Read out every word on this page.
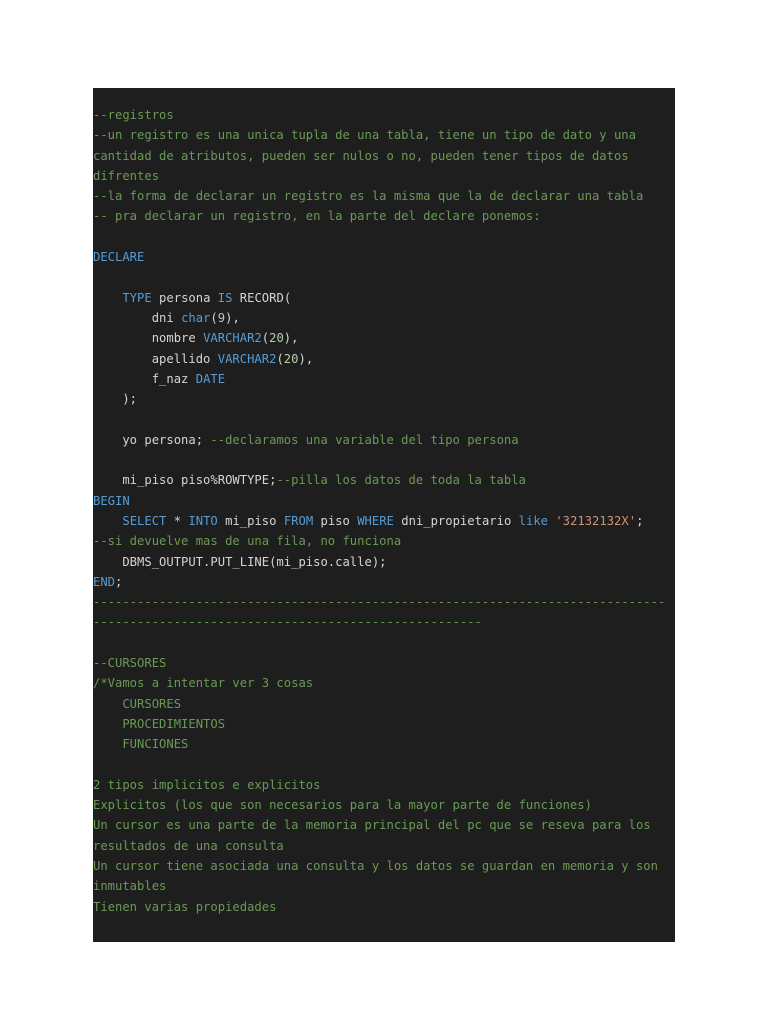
--registros
--un registro es una unica tupla de una tabla, tiene un tipo de dato y una
cantidad de atributos, pueden ser nulos o no, pueden tener tipos de datos
difrentes
--la forma de declarar un registro es la misma que la de declarar una tabla
-- pra declarar un registro, en la parte del declare ponemos:

DECLARE

TYPE persona IS RECORD(
dni char(9),
nombre VARCHAR2(20),
apellido VARCHAR2(20),
f_naz DATE
);

yo persona; --declaramos una variable del tipo persona

mi_piso piso%ROWTYPE;--pilla los datos de toda la tabla
BEGIN
SELECT * INTO mi_piso FROM piso WHERE dni_propietario like '32132132X';
--si devuelve mas de una fila, no funciona
DBMS_OUTPUT.PUT_LINE(mi_piso.calle);
END;
------------------------------------------------------------------------------
-----------------------------------------------------

--CURSORES
/*Vamos a intentar ver 3 cosas
CURSORES
PROCEDIMIENTOS
FUNCIONES

2 tipos implicitos e explicitos
Explicitos (los que son necesarios para la mayor parte de funciones)
Un cursor es una parte de la memoria principal del pc que se reseva para los
resultados de una consulta
Un cursor tiene asociada una consulta y los datos se guardan en memoria y son
inmutables
Tienen varias propiedades
